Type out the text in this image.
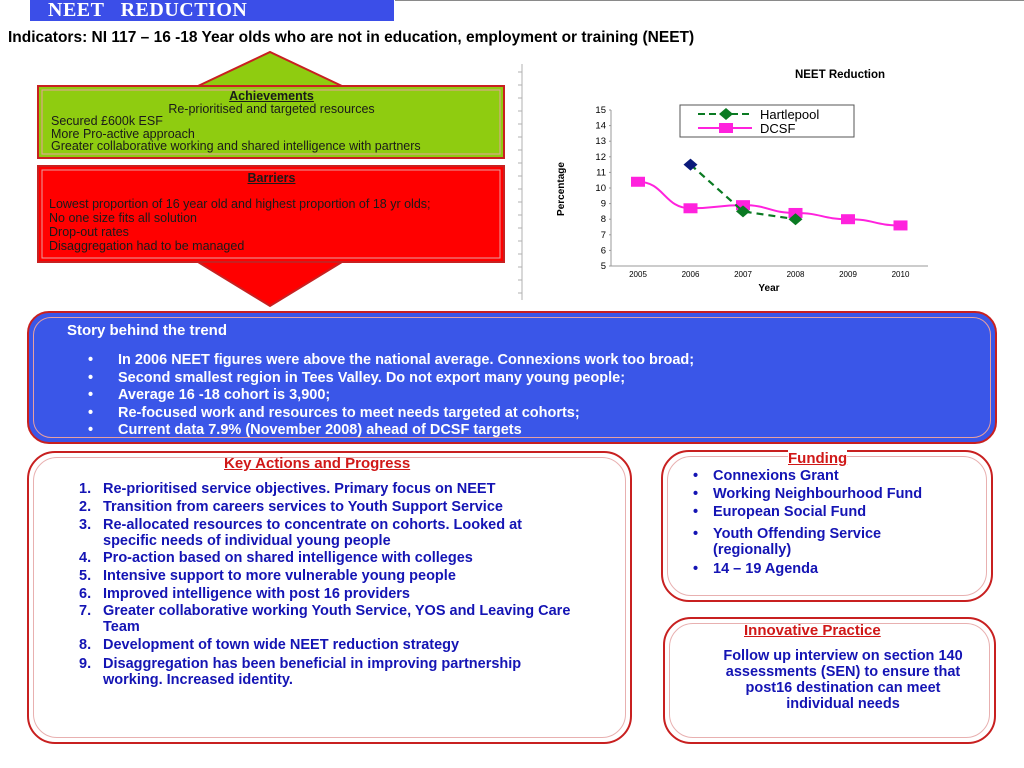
NEET   REDUCTION
Indicators: NI 117 – 16 -18 Year olds who are not in education, employment or training (NEET)
Achievements
Re-prioritised and targeted resources
Secured £600k ESF
More Pro-active approach
Greater collaborative working and shared intelligence with partners
Barriers
Lowest proportion of 16 year old and highest proportion of 18 yr olds;
No one size fits all solution
Drop-out rates
Disaggregation had to be managed
NEET Reduction
Percentage
Year
Hartlepool
DCSF
5
6
7
8
9
10
11
12
13
14
15
2005	2006	2007	2008	2009	2010
Story behind the trend
• In 2006 NEET figures were above the national average. Connexions work too broad;
• Second smallest region in Tees Valley. Do not export many young people;
• Average 16 -18 cohort is 3,900;
• Re-focused work and resources to meet needs targeted at cohorts;
• Current data 7.9% (November 2008) ahead of DCSF targets
Key Actions and Progress
1. Re-prioritised service objectives. Primary focus on NEET
2. Transition from careers services to Youth Support Service
3. Re-allocated resources to concentrate on cohorts. Looked at specific needs of individual young people
4. Pro-action based on shared intelligence with colleges
5. Intensive support to more vulnerable young people
6. Improved intelligence with post 16 providers
7. Greater collaborative working Youth Service, YOS and Leaving Care Team
8. Development of town wide NEET reduction strategy
9. Disaggregation has been beneficial in improving partnership working. Increased identity.
Funding
• Connexions Grant
• Working Neighbourhood Fund
• European Social Fund
• Youth Offending Service (regionally)
• 14 – 19 Agenda
Innovative Practice
Follow up interview on section 140 assessments (SEN) to ensure that post16 destination can meet individual needs
